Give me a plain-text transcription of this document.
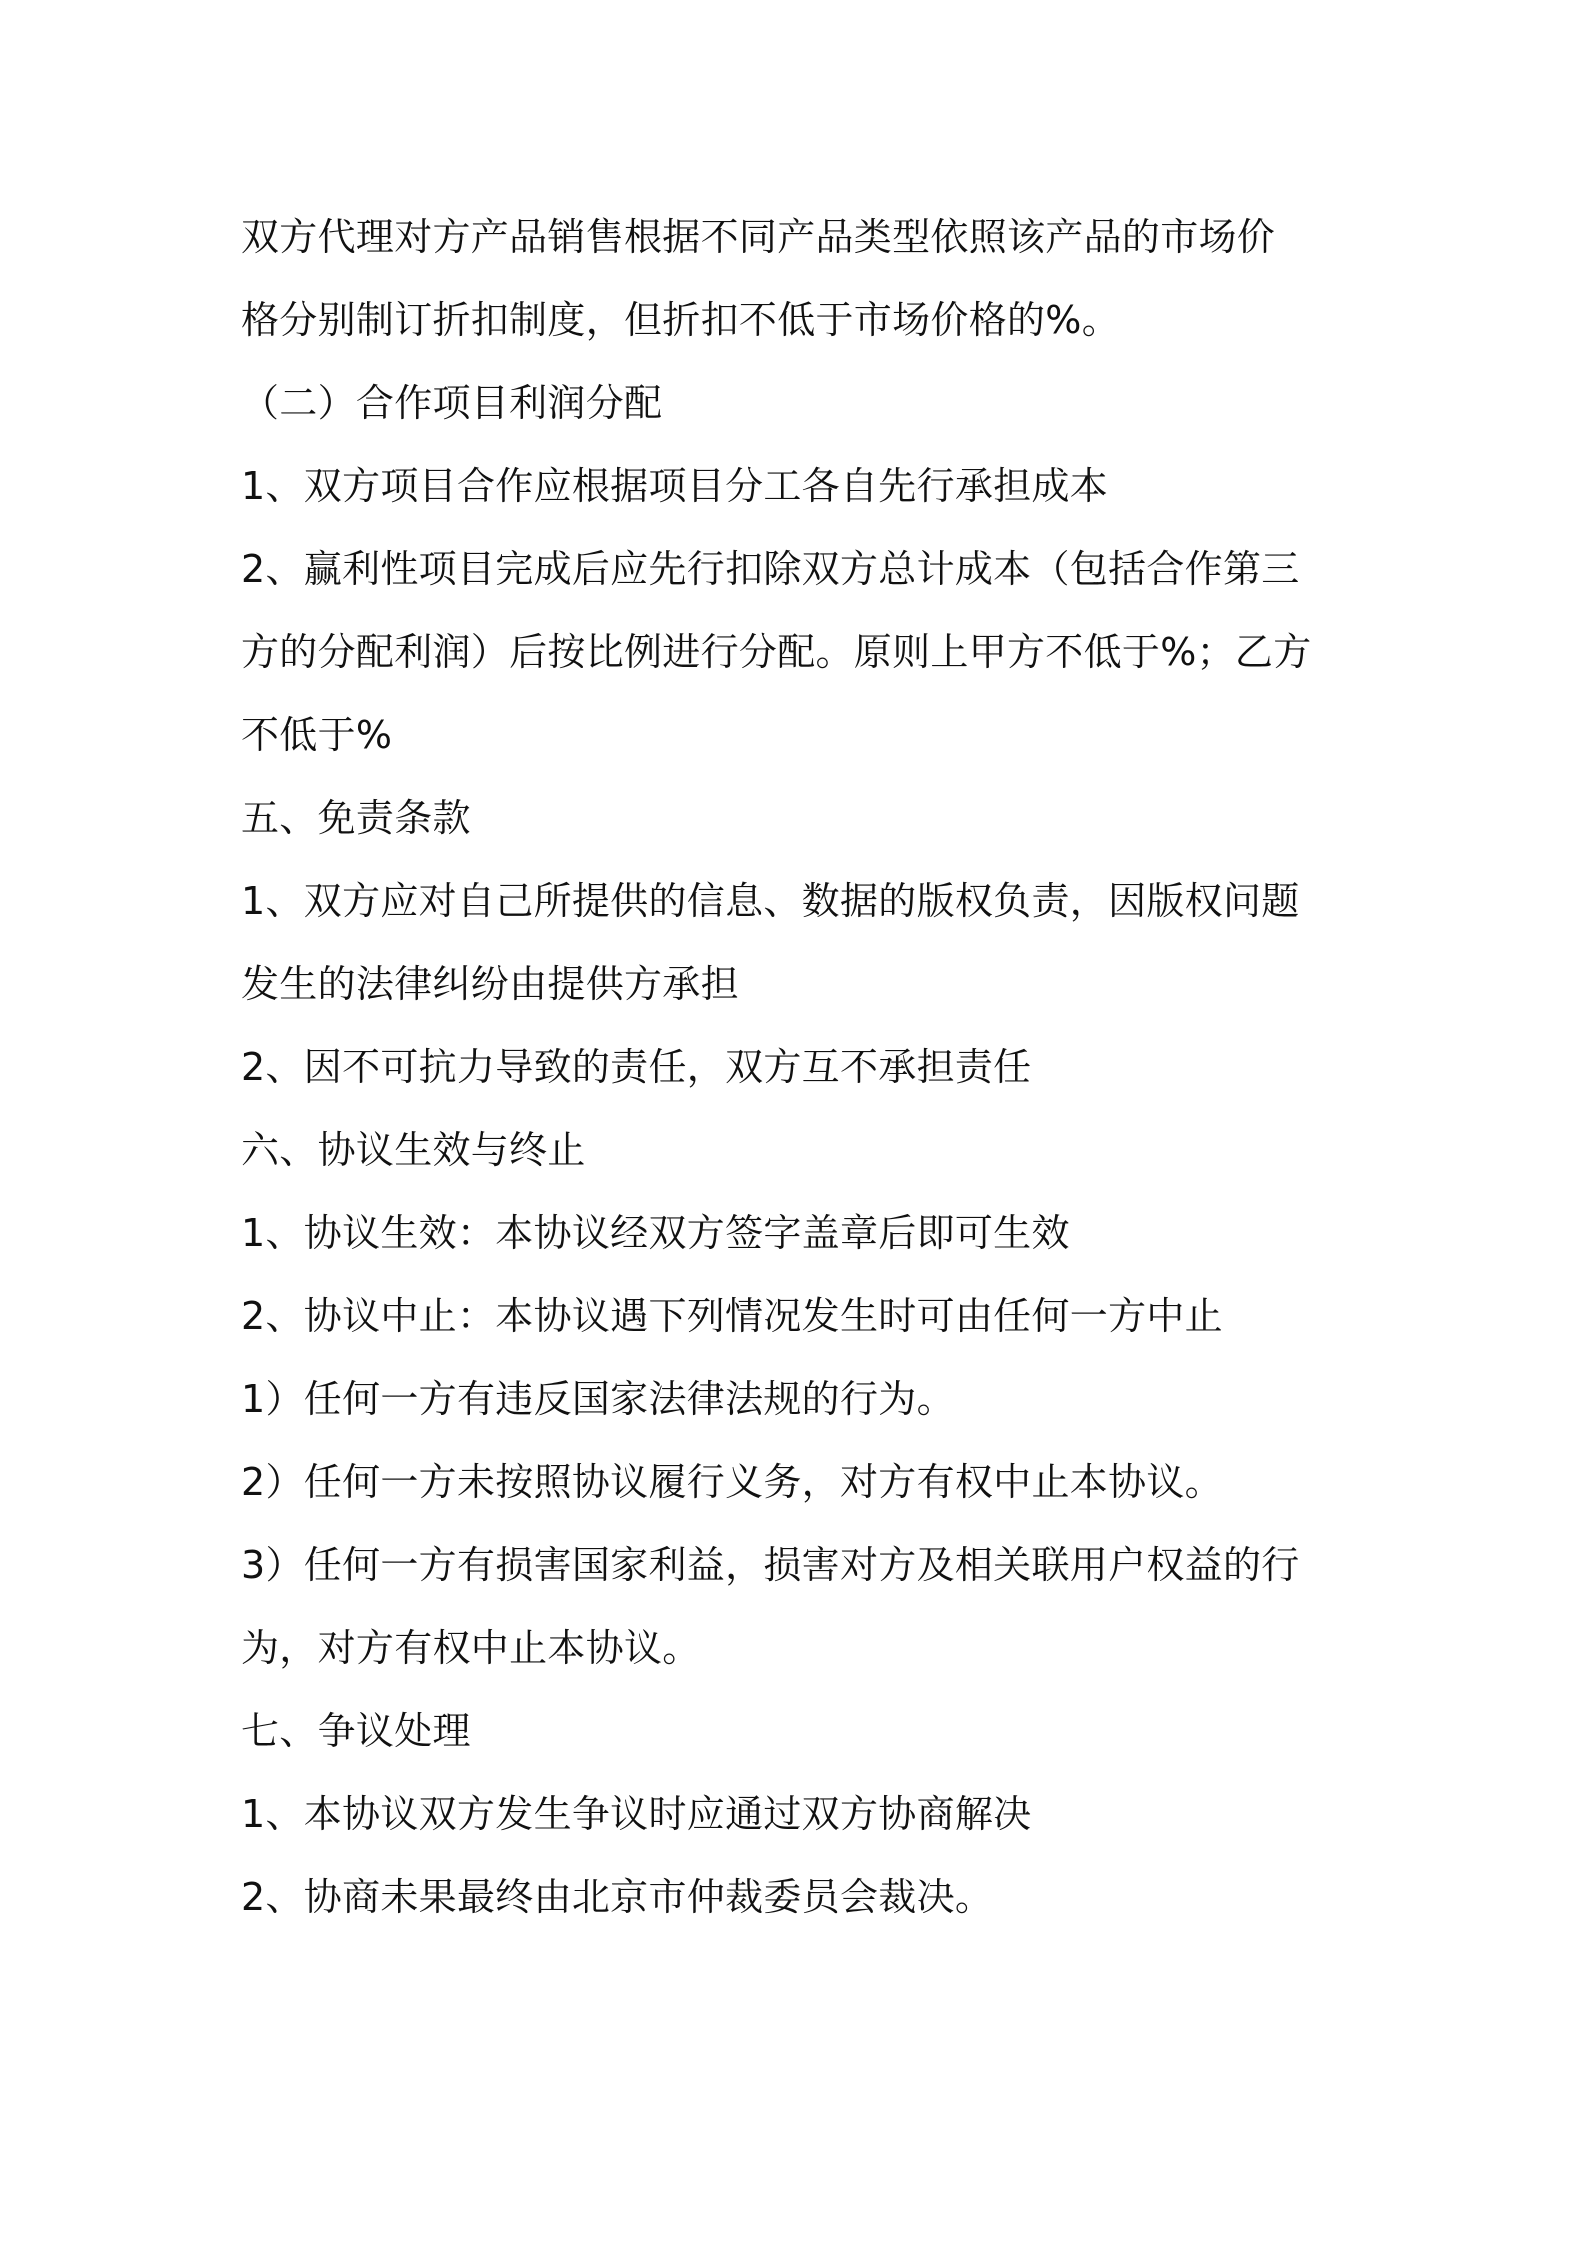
双方代理对方产品销售根据不同产品类型依照该产品的市场价

格分别制订折扣制度，但折扣不低于市场价格的%。

（二）合作项目利润分配

1、双方项目合作应根据项目分工各自先行承担成本

2、赢利性项目完成后应先行扣除双方总计成本（包括合作第三

方的分配利润）后按比例进行分配。原则上甲方不低于%；乙方

不低于%

五、免责条款

1、双方应对自己所提供的信息、数据的版权负责，因版权问题

发生的法律纠纷由提供方承担

2、因不可抗力导致的责任，双方互不承担责任

六、协议生效与终止

1、协议生效：本协议经双方签字盖章后即可生效

2、协议中止：本协议遇下列情况发生时可由任何一方中止

1）任何一方有违反国家法律法规的行为。

2）任何一方未按照协议履行义务，对方有权中止本协议。

3）任何一方有损害国家利益，损害对方及相关联用户权益的行

为，对方有权中止本协议。

七、争议处理

1、本协议双方发生争议时应通过双方协商解决

2、协商未果最终由北京市仲裁委员会裁决。
